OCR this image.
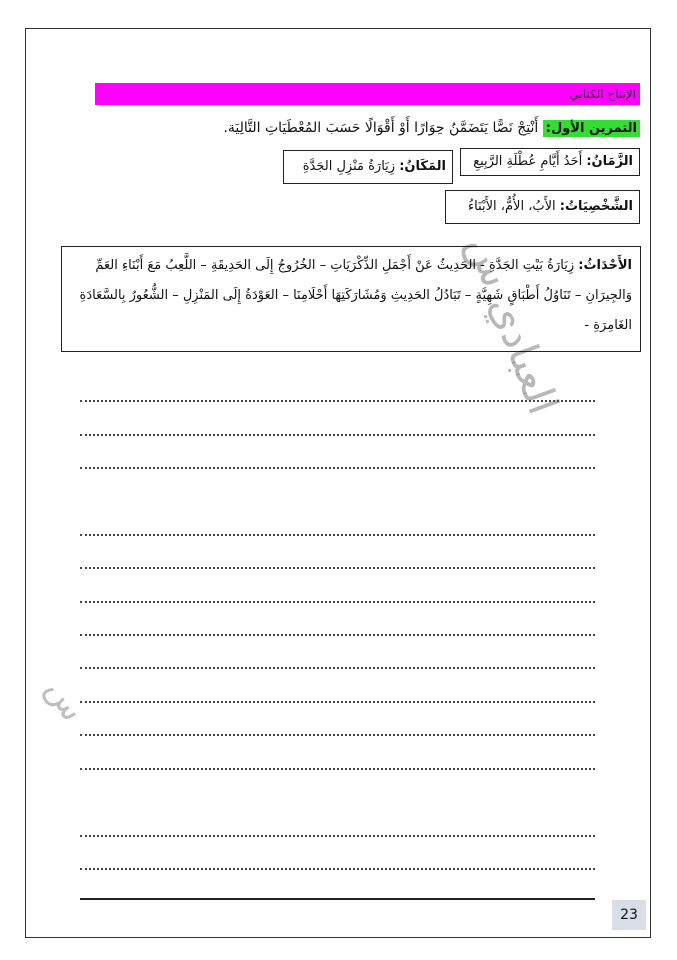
الإنتاج الكتابي
التمرين الأول: أَنْتِجْ نَصًّا يَتَضَمَّنُ حِوَارًا أَوْ أَقْوَالًا حَسَبَ المُعْطَيَاتِ التَّالِيَة.
الزَّمَانُ: أَحَدُ أَيَّامِ عُطْلَةِ الرَّبِيعِ
المَكَانُ: زِيَارَةُ مَنْزِلِ الجَدَّةِ
الشَّخْصِيَاتُ: الأَبُ، الأُمُّ، الأَبْنَاءُ
الأَحْدَاثُ: زِيَارَةُ بَيْتِ الجَدَّةِ - الحَدِيثُ عَنْ أَجْمَلِ الذِّكْرَيَاتِ – الخُرُوجُ إِلَى الحَدِيقَةِ – اللَّعِبُ مَعَ أَبْنَاءِ العَمِّ وَالجِيرَانِ – تَنَاوُلُ أَطْبَاقٍ شَهِيَّةٍ – تَبَادُلُ الحَدِيثِ وَمُشَارَكَتِهَا أَحْلَامِنَا – العَوْدَةُ إِلَى المَنْزِلِ – الشُّعُورُ بِالسَّعَادَةِ الغَامِرَةِ -
العبادي س
س
23
